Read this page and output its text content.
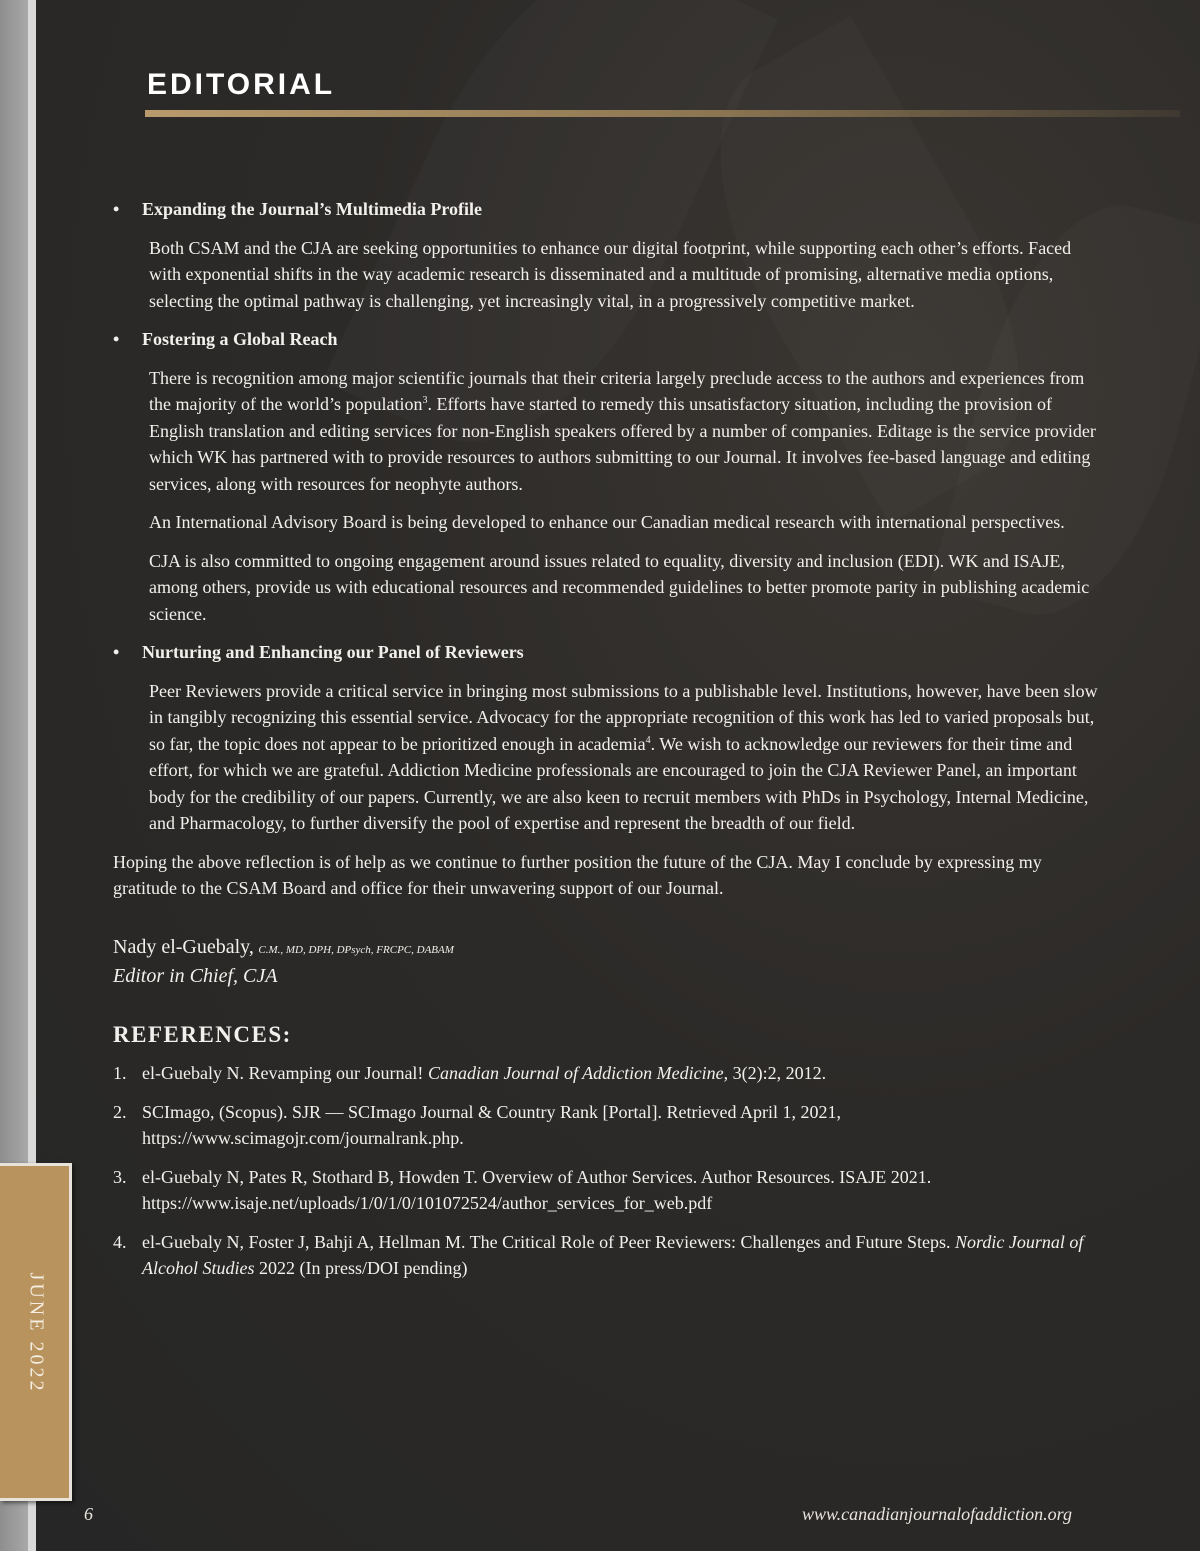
JUNE 2022
EDITORIAL
• Expanding the Journal’s Multimedia Profile

Both CSAM and the CJA are seeking opportunities to enhance our digital footprint, while supporting each other’s efforts. Faced with exponential shifts in the way academic research is disseminated and a multitude of promising, alternative media options, selecting the optimal pathway is challenging, yet increasingly vital, in a progressively competitive market.

• Fostering a Global Reach

There is recognition among major scientific journals that their criteria largely preclude access to the authors and experiences from the majority of the world’s population$^3$. Efforts have started to remedy this unsatisfactory situation, including the provision of English translation and editing services for non-English speakers offered by a number of companies. Editage is the service provider which WK has partnered with to provide resources to authors submitting to our Journal. It involves fee-based language and editing services, along with resources for neophyte authors.

An International Advisory Board is being developed to enhance our Canadian medical research with international perspectives.

CJA is also committed to ongoing engagement around issues related to equality, diversity and inclusion (EDI). WK and ISAJE, among others, provide us with educational resources and recommended guidelines to better promote parity in publishing academic science.

• Nurturing and Enhancing our Panel of Reviewers

Peer Reviewers provide a critical service in bringing most submissions to a publishable level. Institutions, however, have been slow in tangibly recognizing this essential service. Advocacy for the appropriate recognition of this work has led to varied proposals but, so far, the topic does not appear to be prioritized enough in academia$^4$. We wish to acknowledge our reviewers for their time and effort, for which we are grateful. Addiction Medicine professionals are encouraged to join the CJA Reviewer Panel, an important body for the credibility of our papers. Currently, we are also keen to recruit members with PhDs in Psychology, Internal Medicine, and Pharmacology, to further diversify the pool of expertise and represent the breadth of our field.

Hoping the above reflection is of help as we continue to further position the future of the CJA. May I conclude by expressing my gratitude to the CSAM Board and office for their unwavering support of our Journal.

Nady el-Guebaly, C.M., MD, DPH, DPsych, FRCPC, DABAM
Editor in Chief, CJA
REFERENCES:
1. el-Guebaly N. Revamping our Journal! Canadian Journal of Addiction Medicine, 3(2):2, 2012.
2. SCImago, (Scopus). SJR — SCImago Journal & Country Rank [Portal]. Retrieved April 1, 2021, https://www.scimagojr.com/journalrank.php.
3. el-Guebaly N, Pates R, Stothard B, Howden T. Overview of Author Services. Author Resources. ISAJE 2021. https://www.isaje.net/uploads/1/0/1/0/101072524/author_services_for_web.pdf
4. el-Guebaly N, Foster J, Bahji A, Hellman M. The Critical Role of Peer Reviewers: Challenges and Future Steps. Nordic Journal of Alcohol Studies 2022 (In press/DOI pending)
6	www.canadianjournalofaddiction.org
